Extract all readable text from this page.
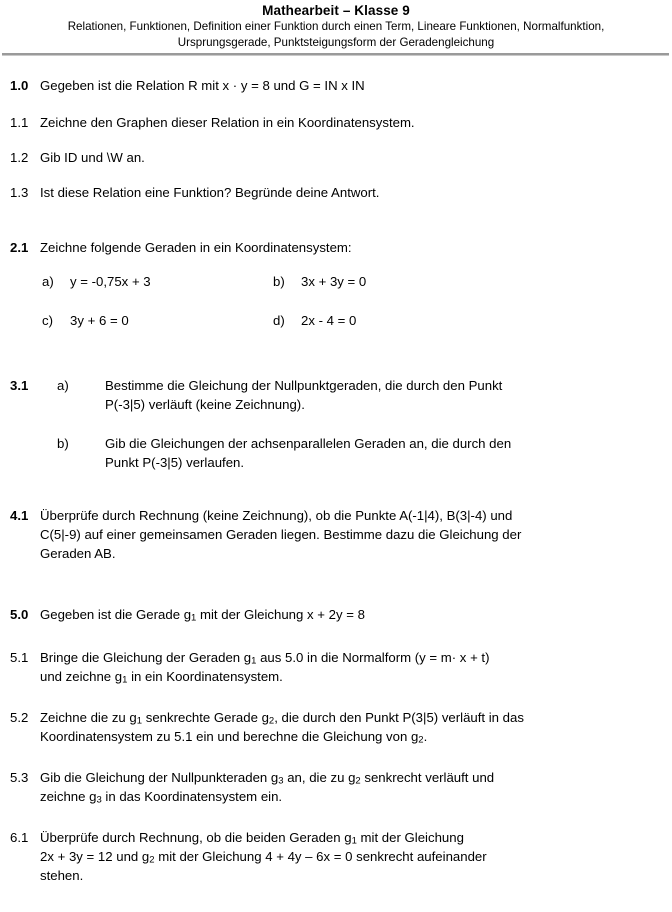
Mathearbeit – Klasse 9
Relationen, Funktionen, Definition einer Funktion durch einen Term, Lineare Funktionen, Normalfunktion,
Ursprungsgerade, Punktsteigungsform der Geradengleichung
1.0 Gegeben ist die Relation R mit x · y = 8 und G = IN x IN
1.1 Zeichne den Graphen dieser Relation in ein Koordinatensystem.
1.2 Gib ID und \W an.
1.3 Ist diese Relation eine Funktion? Begründe deine Antwort.
2.1 Zeichne folgende Geraden in ein Koordinatensystem:
a)	y = -0,75x + 3	b)	3x + 3y = 0
c)	3y + 6 = 0	d)	2x - 4 = 0
3.1	a)	Bestimme die Gleichung der Nullpunktgeraden, die durch den Punkt
P(-3|5) verläuft (keine Zeichnung).
b)	Gib die Gleichungen der achsenparallelen Geraden an, die durch den
Punkt P(-3|5) verlaufen.
4.1 Überprüfe durch Rechnung (keine Zeichnung), ob die Punkte A(-1|4), B(3|-4) und
C(5|-9) auf einer gemeinsamen Geraden liegen. Bestimme dazu die Gleichung der
Geraden AB.
5.0 Gegeben ist die Gerade $g_1$ mit der Gleichung x + 2y = 8
5.1 Bringe die Gleichung der Geraden $g_1$ aus 5.0 in die Normalform (y = m· x + t)
und zeichne $g_1$ in ein Koordinatensystem.
5.2 Zeichne die zu $g_1$ senkrechte Gerade $g_2$, die durch den Punkt P(3|5) verläuft in das
Koordinatensystem zu 5.1 ein und berechne die Gleichung von $g_2$.
5.3 Gib die Gleichung der Nullpunkteraden $g_3$ an, die zu $g_2$ senkrecht verläuft und
zeichne $g_3$ in das Koordinatensystem ein.
6.1 Überprüfe durch Rechnung, ob die beiden Geraden $g_1$ mit der Gleichung
2x + 3y = 12 und $g_2$ mit der Gleichung 4 + 4y – 6x = 0 senkrecht aufeinander
stehen.
